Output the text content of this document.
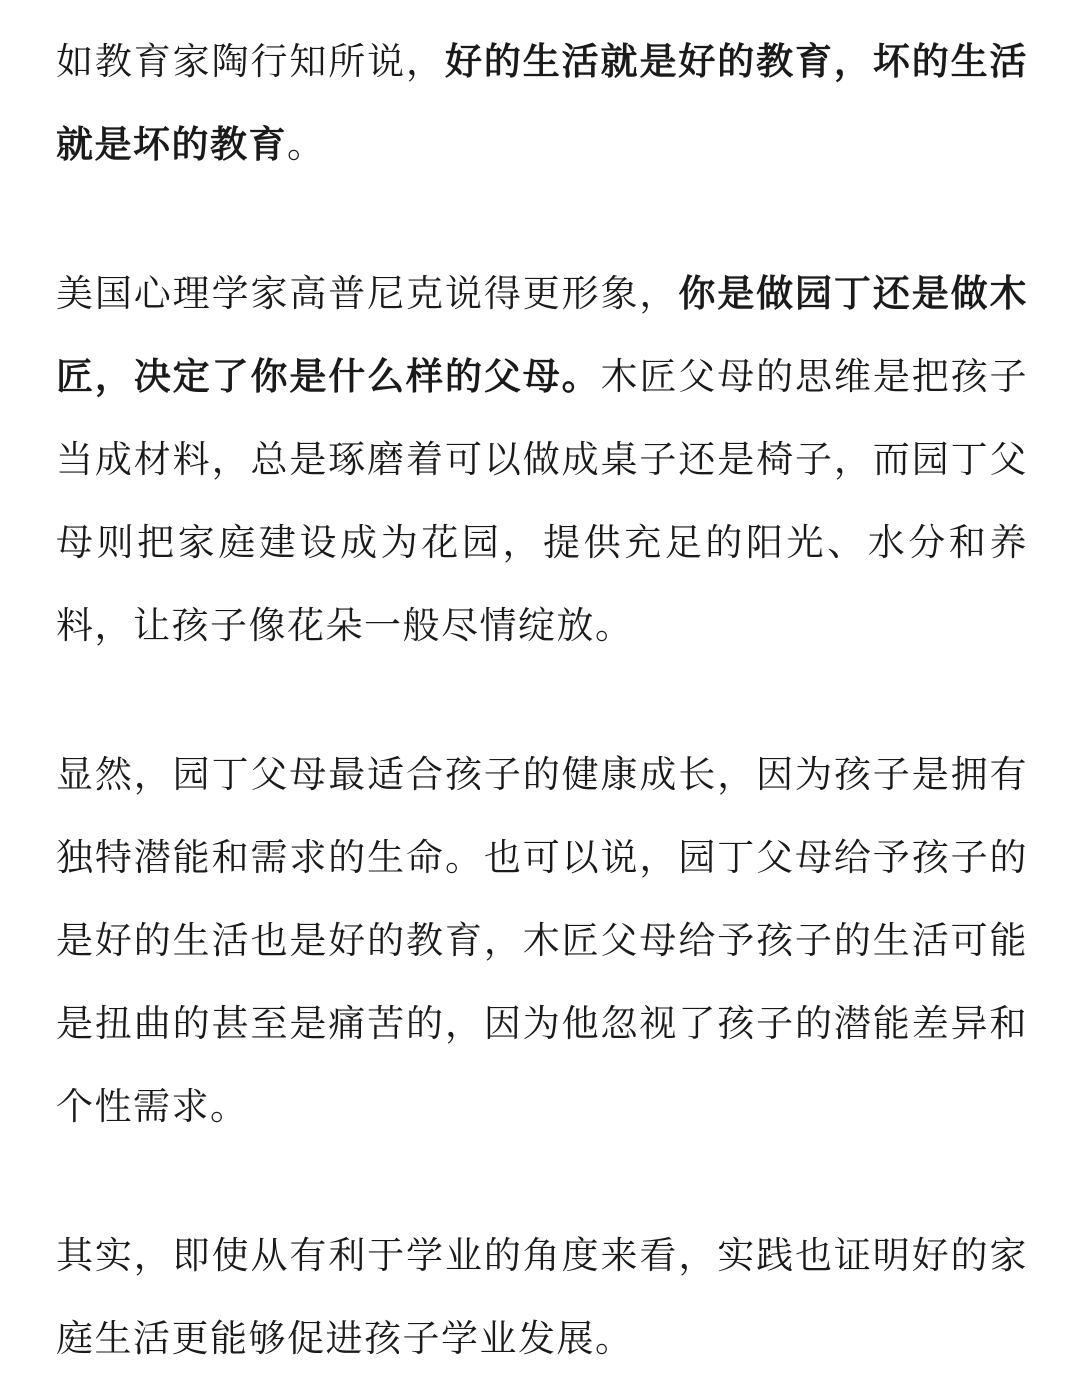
如教育家陶行知所说，好的生活就是好的教育，坏的生活就是坏的教育。

美国心理学家高普尼克说得更形象，你是做园丁还是做木匠，决定了你是什么样的父母。木匠父母的思维是把孩子当成材料，总是琢磨着可以做成桌子还是椅子，而园丁父母则把家庭建设成为花园，提供充足的阳光、水分和养料，让孩子像花朵一般尽情绽放。

显然，园丁父母最适合孩子的健康成长，因为孩子是拥有独特潜能和需求的生命。也可以说，园丁父母给予孩子的是好的生活也是好的教育，木匠父母给予孩子的生活可能是扭曲的甚至是痛苦的，因为他忽视了孩子的潜能差异和个性需求。

其实，即使从有利于学业的角度来看，实践也证明好的家庭生活更能够促进孩子学业发展。
